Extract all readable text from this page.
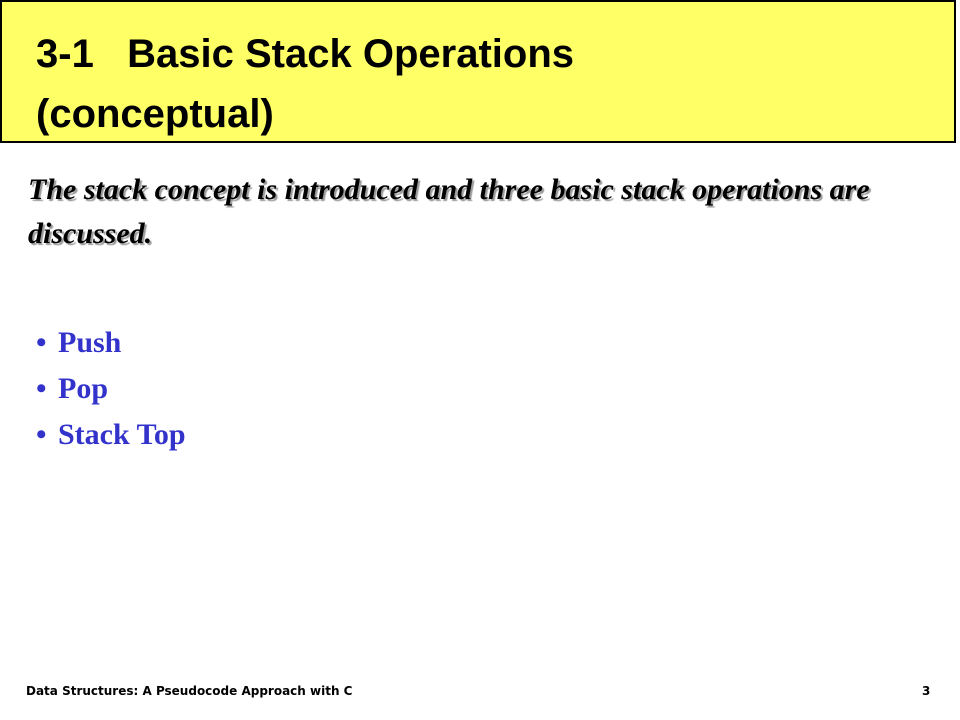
3-1   Basic Stack Operations
(conceptual)

The stack concept is introduced and three basic stack operations are discussed.

• Push
• Pop
• Stack Top
Data Structures: A Pseudocode Approach with C	3
